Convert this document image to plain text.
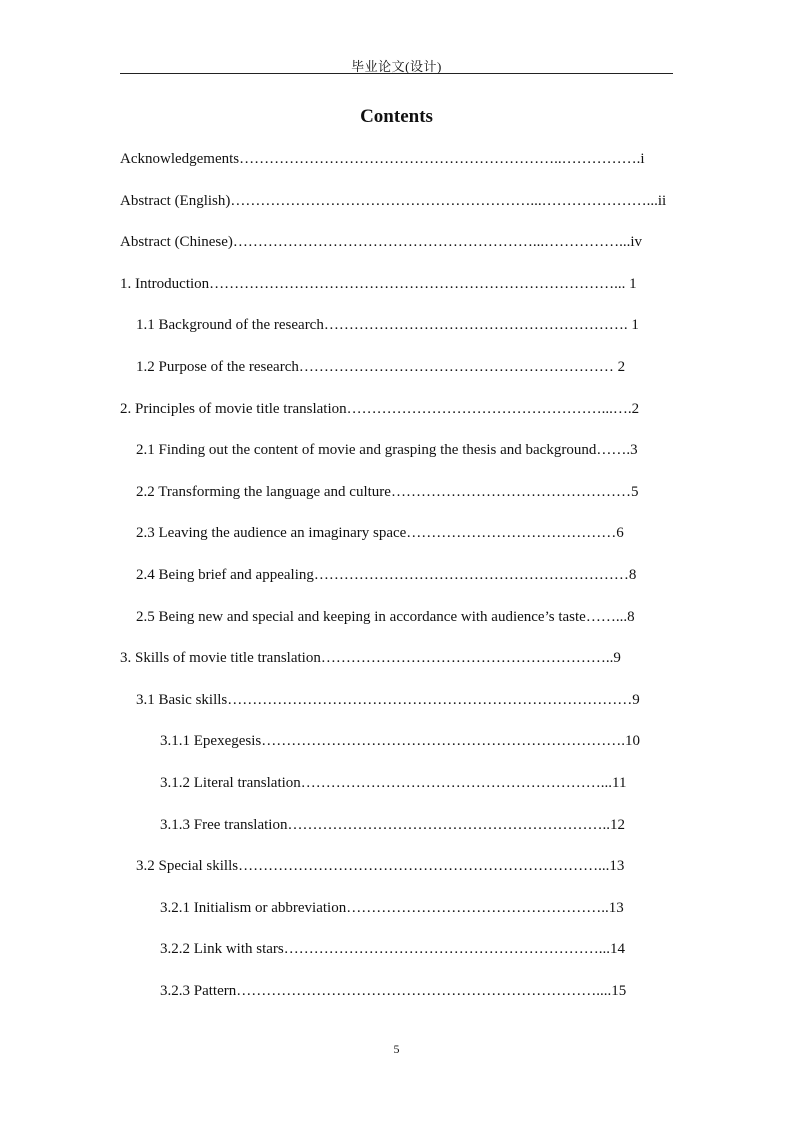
毕业论文(设计)
Contents
Acknowledgements………………………………………………………..…………….i
Abstract (English)……………………………………………………...…………………...ii
Abstract (Chinese)……………………………………………………...……………...iv
1. Introduction………………………………………………………………………... 1
1.1 Background of the research……………………………………………………. 1
1.2 Purpose of the research……………………………………………………… 2
2. Principles of movie title translation……………………………………………...….2
2.1 Finding out the content of movie and grasping the thesis and background…….3
2.2 Transforming the language and culture…………………………………………5
2.3 Leaving the audience an imaginary space……………………………………6
2.4 Being brief and appealing………………………………………………………8
2.5 Being new and special and keeping in accordance with audience’s taste……...8
3. Skills of movie title translation…………………………………………………..9
3.1 Basic skills………………………………………………………………………9
3.1.1 Epexegesis……………………………………………………………….10
3.1.2 Literal translation……………………………………………………...11
3.1.3 Free translation………………………………………………………..12
3.2 Special skills………………………………………………………………...13
3.2.1 Initialism or abbreviation……………………………………………..13
3.2.2 Link with stars………………………………………………………...14
3.2.3 Pattern………………………………………………………………....15
5
